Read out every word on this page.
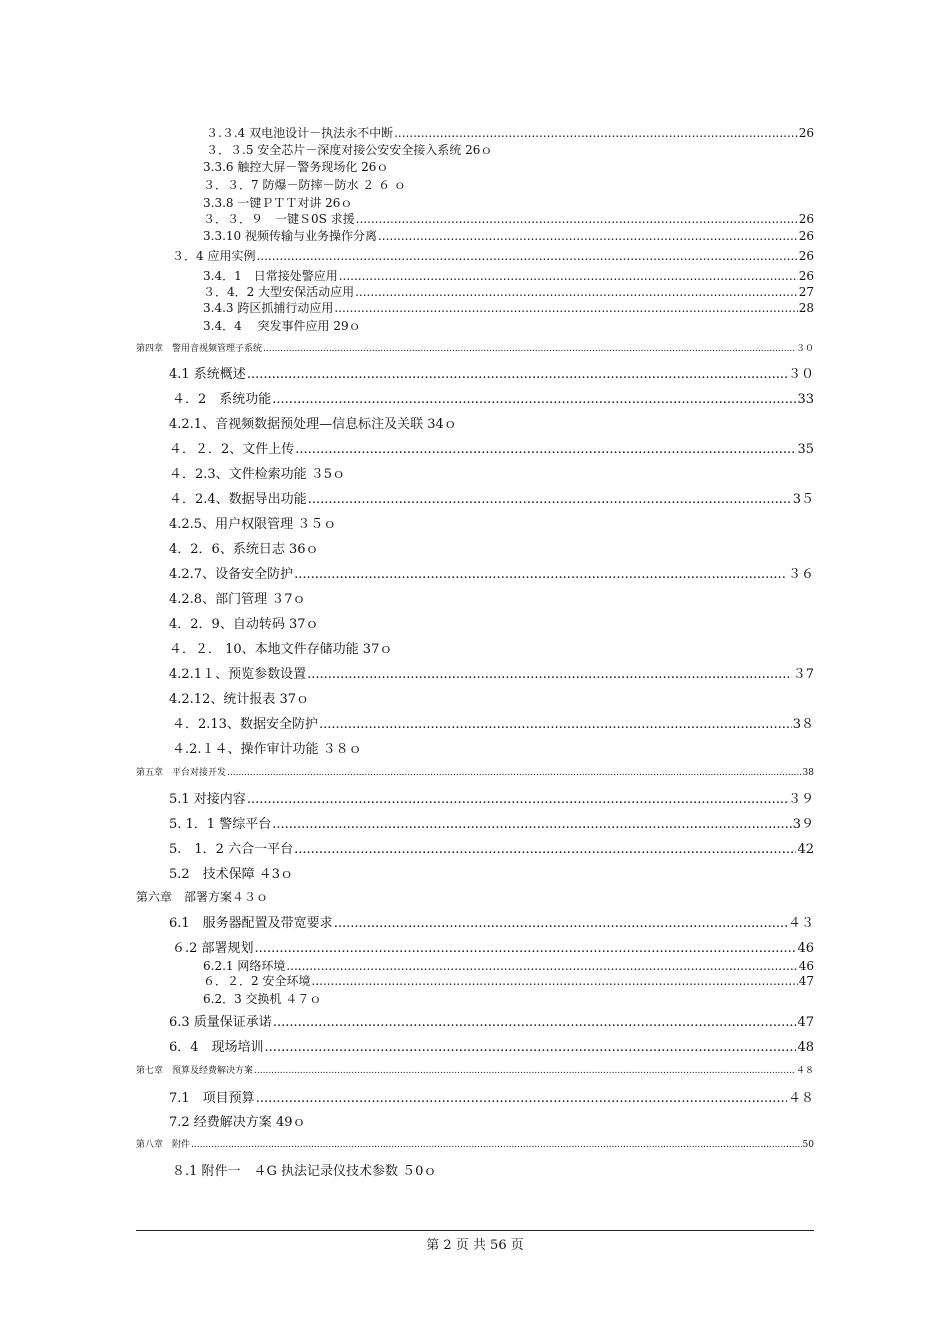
３.３.4 双电池设计－执法永不中断 .....	26
３．３.5 安全芯片－深度对接公安安全接入系统 26ｏ
3.3.6 触控大屏－警务现场化 26ｏ
３．３．7 防爆－防摔－防水 ２ ６ ｏ
3.3.8 一键ＰＴＴ对讲 26ｏ
３．３．９　一键Ｓ0S 求援 .....	26
3.3.10 视频传输与业务操作分离 .....	26
３．4 应用实例 .....	26
3.4．1　日常接处警应用 .....	26
３．4．2 大型安保活动应用 .....	27
3.4.3 跨区抓捕行动应用 .....	28
3.4．4　 突发事件应用 29ｏ
第四章　警用音视频管理子系统 .....	３０
4.1 系统概述 .....	３０
４．2　系统功能 .....	33
4.2.1、音视频数据预处理—信息标注及关联 34ｏ
４．２．2、文件上传 .....	35
４．2.3、文件检索功能 ３5ｏ
４．2.4、数据导出功能 .....	3５
4.2.5、用户权限管理 ３５ｏ
4．2．6、系统日志 36ｏ
4.2.7、设备安全防护 .....	３６
4.2.8、部门管理 ３7ｏ
4．2．9、自动转码 37ｏ
４．２． 10、本地文件存储功能 37ｏ
4.2.1１、预览参数设置 .....	３7
4.2.12、统计报表 37ｏ
４．2.13、数据安全防护 .....	3８
４.2.１４、操作审计功能 ３８ｏ
第五章　平台对接开发 .....	38
5.1 对接内容 .....	３９
5. 1．1 警综平台 .....	3９
5.　1．2 六合一平台 .....	42
5.2　技术保障 ４3ｏ
第六章　部署方案４３ｏ
6.1　服务器配置及带宽要求 .....	４３
６.2 部署规划 .....	46
6.2.1 网络环境 .....	46
６．２．2 安全环境 .....	47
6.2．3 交换机 ４７ｏ
6.3 质量保证承诺 .....	47
6．4　现场培训 .....	48
第七章　预算及经费解决方案 .....	４８
7.1　项目预算 .....	４８
7.2 经费解决方案 49ｏ
第八章　附件 .....	50
８.1 附件一　４G 执法记录仪技术参数 ５0ｏ
第 2 页 共 56 页
